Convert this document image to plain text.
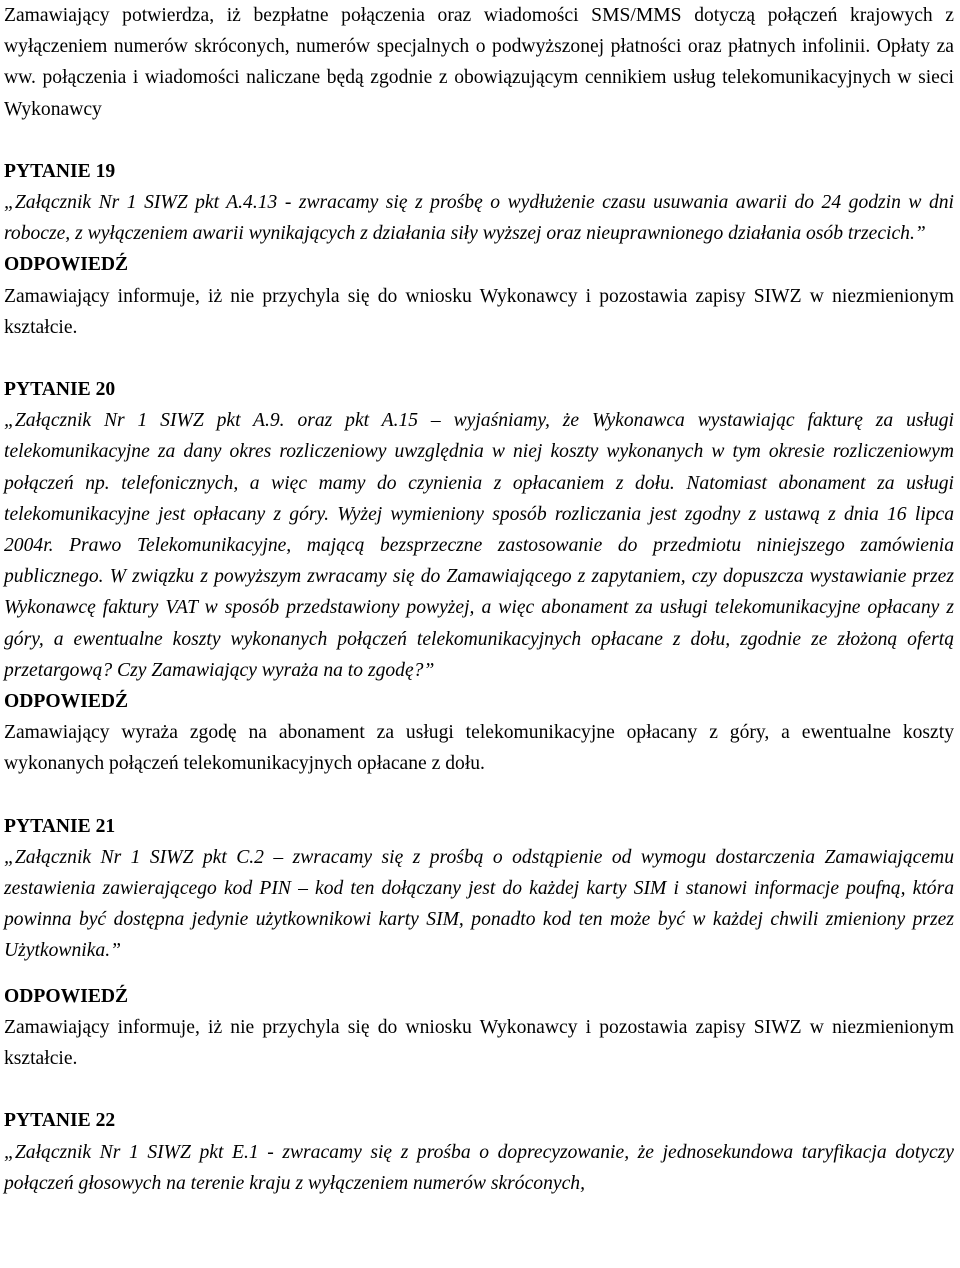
Zamawiający potwierdza, iż bezpłatne połączenia oraz wiadomości SMS/MMS dotyczą połączeń krajowych z wyłączeniem numerów skróconych, numerów specjalnych o podwyższonej płatności oraz płatnych infolinii. Opłaty za ww. połączenia i wiadomości naliczane będą zgodnie z obowiązującym cennikiem usług telekomunikacyjnych w sieci Wykonawcy

PYTANIE 19

„Załącznik Nr 1 SIWZ pkt A.4.13 - zwracamy się z prośbę o wydłużenie czasu usuwania awarii do 24 godzin w dni robocze, z wyłączeniem awarii wynikających z działania siły wyższej oraz nieuprawnionego działania osób trzecich.”

ODPOWIEDŹ

Zamawiający informuje, iż nie przychyla się do wniosku Wykonawcy i pozostawia zapisy SIWZ w niezmienionym kształcie.

PYTANIE 20

„Załącznik Nr 1 SIWZ pkt A.9. oraz pkt A.15 – wyjaśniamy, że Wykonawca wystawiając fakturę za usługi telekomunikacyjne za dany okres rozliczeniowy uwzględnia w niej koszty wykonanych w tym okresie rozliczeniowym połączeń np. telefonicznych, a więc mamy do czynienia z opłacaniem z dołu. Natomiast abonament za usługi telekomunikacyjne jest opłacany z góry. Wyżej wymieniony sposób rozliczania jest zgodny z ustawą z dnia 16 lipca 2004r. Prawo Telekomunikacyjne, mającą bezsprzeczne zastosowanie do przedmiotu niniejszego zamówienia publicznego. W związku z powyższym zwracamy się do Zamawiającego z zapytaniem, czy dopuszcza wystawianie przez Wykonawcę faktury VAT w sposób przedstawiony powyżej, a więc abonament za usługi telekomunikacyjne opłacany z góry, a ewentualne koszty wykonanych połączeń telekomunikacyjnych opłacane z dołu, zgodnie ze złożoną ofertą przetargową? Czy Zamawiający wyraża na to zgodę?”

ODPOWIEDŹ

Zamawiający wyraża zgodę na abonament za usługi telekomunikacyjne opłacany z góry, a ewentualne koszty wykonanych połączeń telekomunikacyjnych opłacane z dołu.

PYTANIE 21

„Załącznik Nr 1 SIWZ pkt C.2 – zwracamy się z prośbą o odstąpienie od wymogu dostarczenia Zamawiającemu zestawienia zawierającego kod PIN – kod ten dołączany jest do każdej karty SIM i stanowi informacje poufną, która powinna być dostępna jedynie użytkownikowi karty SIM, ponadto kod ten może być w każdej chwili zmieniony przez Użytkownika.”

ODPOWIEDŹ

Zamawiający informuje, iż nie przychyla się do wniosku Wykonawcy i pozostawia zapisy SIWZ w niezmienionym kształcie.

PYTANIE 22

„Załącznik Nr 1 SIWZ pkt E.1 - zwracamy się z prośba o doprecyzowanie, że jednosekundowa taryfikacja dotyczy połączeń głosowych na terenie kraju z wyłączeniem numerów skróconych,
